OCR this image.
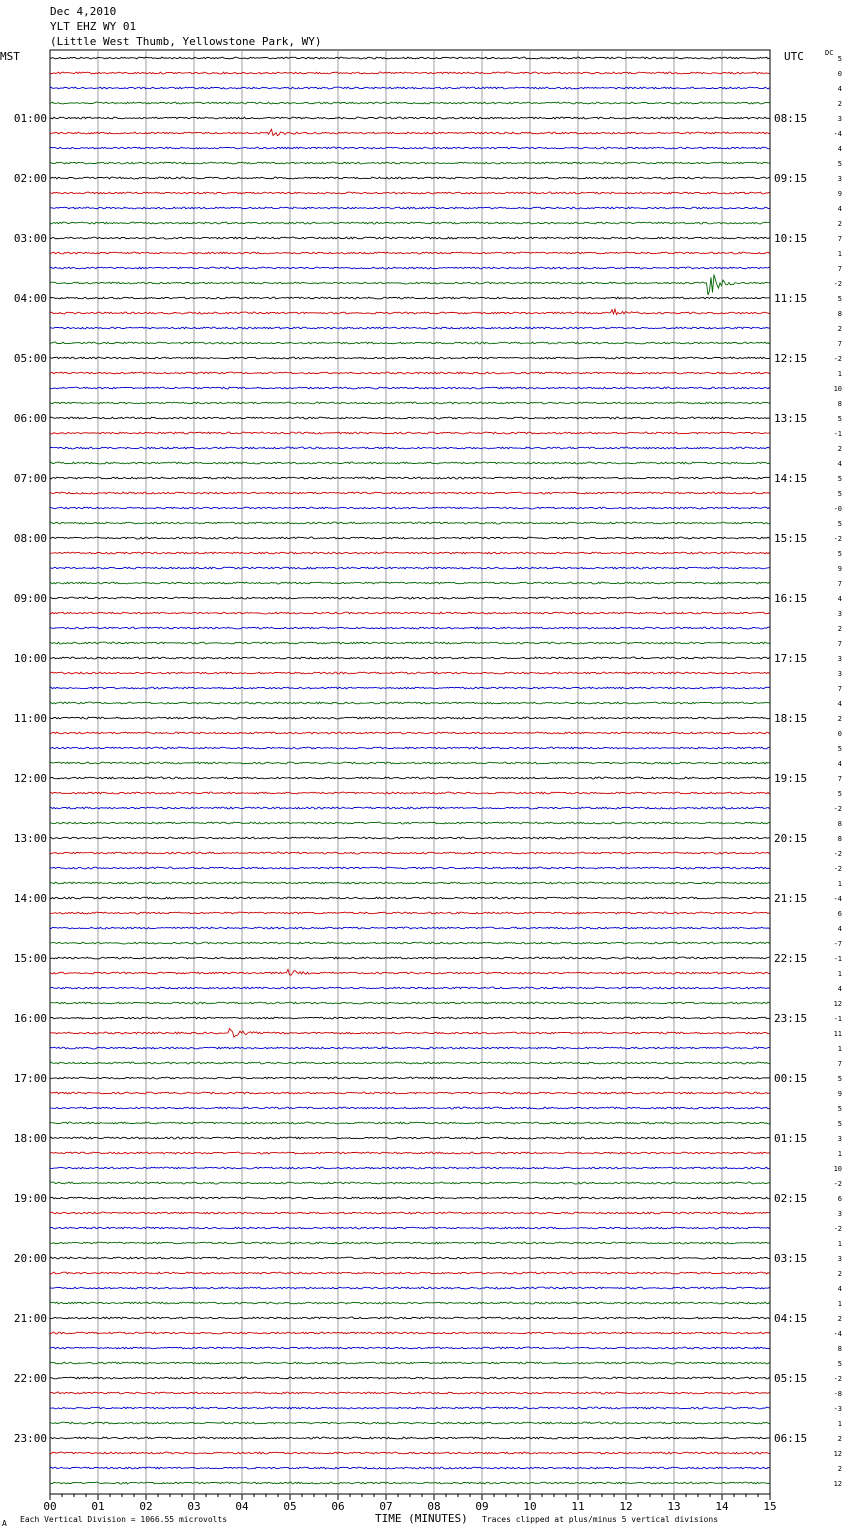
Dec 4,2010
YLT EHZ WY 01
(Little West Thumb, Yellowstone Park, WY)
MST	UTC	DC
5
0
4
2
3
-4
4
5
3
9
4
2
7
1
7
-2
5
8
2
7
-2
1
10
8
5
-1
2
4
5
5
-0
5
-2
5
9
7
4
3
2
7
3
3
7
4
2
0
5
4
7
5
-2
8
8
-2
-2
1
-4
6
4
-7
-1
1
4
12
-1
11
1
7
5
9
5
5
3
1
10
-2
6
3
-2
1
3
2
4
1
2
-4
8
5
-2
-8
-3
1
2
12
2
12
01:00	08:15
02:00	09:15
03:00	10:15
04:00	11:15
05:00	12:15
06:00	13:15
07:00	14:15
08:00	15:15
09:00	16:15
10:00	17:15
11:00	18:15
12:00	19:15
13:00	20:15
14:00	21:15
15:00	22:15
16:00	23:15
17:00	00:15
18:00	01:15
19:00	02:15
20:00	03:15
21:00	04:15
22:00	05:15
23:00	06:15
00	01	02	03	04	05	06	07	08	09	10	11	12	13	14	15
A Each Vertical Division = 1066.55 microvolts	TIME (MINUTES) Traces clipped at plus/minus 5 vertical divisions
